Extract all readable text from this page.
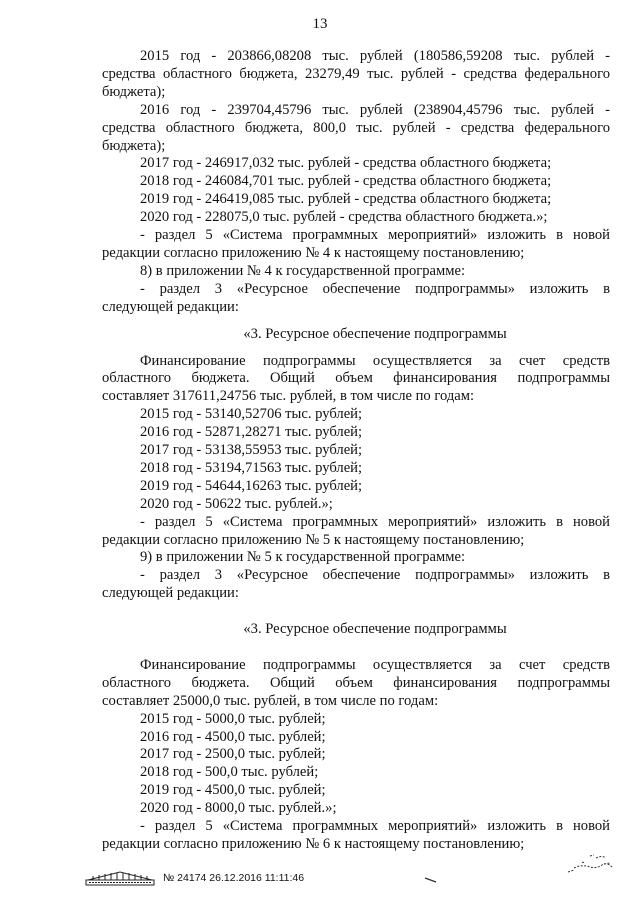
13
2015 год - 203866,08208 тыс. рублей (180586,59208 тыс. рублей -
средства областного бюджета, 23279,49 тыс. рублей - средства федерального
бюджета);
2016 год - 239704,45796 тыс. рублей (238904,45796 тыс. рублей -
средства областного бюджета, 800,0 тыс. рублей - средства федерального
бюджета);
2017 год - 246917,032 тыс. рублей - средства областного бюджета;
2018 год - 246084,701 тыс. рублей - средства областного бюджета;
2019 год - 246419,085 тыс. рублей - средства областного бюджета;
2020 год - 228075,0 тыс. рублей - средства областного бюджета.»;
- раздел 5 «Система программных мероприятий» изложить в новой
редакции согласно приложению № 4 к настоящему постановлению;
8) в приложении № 4 к государственной программе:
- раздел 3 «Ресурсное обеспечение подпрограммы» изложить в
следующей редакции:
«3. Ресурсное обеспечение подпрограммы
Финансирование подпрограммы осуществляется за счет средств
областного бюджета. Общий объем финансирования подпрограммы
составляет 317611,24756 тыс. рублей, в том числе по годам:
2015 год - 53140,52706 тыс. рублей;
2016 год - 52871,28271 тыс. рублей;
2017 год - 53138,55953 тыс. рублей;
2018 год - 53194,71563 тыс. рублей;
2019 год - 54644,16263 тыс. рублей;
2020 год - 50622 тыс. рублей.»;
- раздел 5 «Система программных мероприятий» изложить в новой
редакции согласно приложению № 5 к настоящему постановлению;
9) в приложении № 5 к государственной программе:
- раздел 3 «Ресурсное обеспечение подпрограммы» изложить в
следующей редакции:
«3. Ресурсное обеспечение подпрограммы
Финансирование подпрограммы осуществляется за счет средств
областного бюджета. Общий объем финансирования подпрограммы
составляет 25000,0 тыс. рублей, в том числе по годам:
2015 год - 5000,0 тыс. рублей;
2016 год - 4500,0 тыс. рублей;
2017 год - 2500,0 тыс. рублей;
2018 год - 500,0 тыс. рублей;
2019 год - 4500,0 тыс. рублей;
2020 год - 8000,0 тыс. рублей.»;
- раздел 5 «Система программных мероприятий» изложить в новой
редакции согласно приложению № 6 к настоящему постановлению;
№ 24174 26.12.2016 11:11:46
